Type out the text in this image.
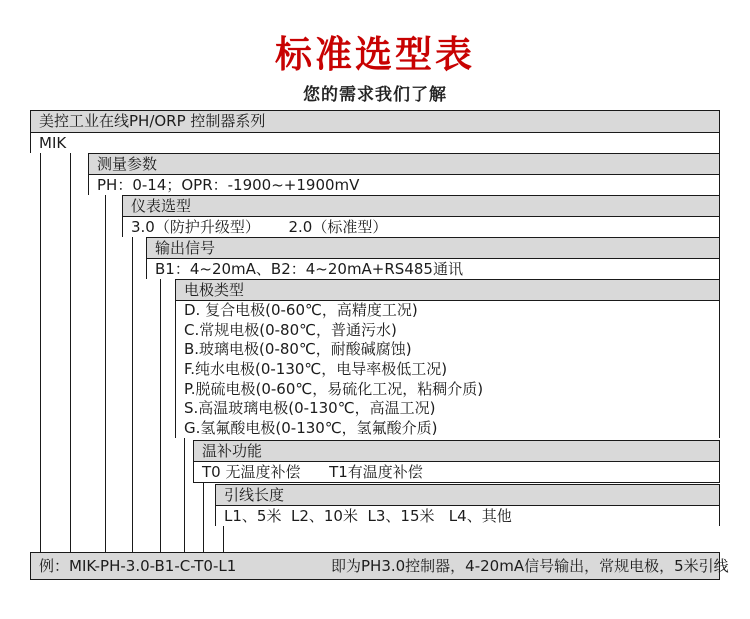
标准选型表
您的需求我们了解
美控工业在线PH/ORP 控制器系列
MIK
测量参数
PH：0-14；OPR：-1900~+1900mV
仪表选型
3.0（防护升级型）      2.0（标准型）
输出信号
B1：4~20mA、B2：4~20mA+RS485通讯
电极类型
D. 复合电极(0-60℃，高精度工况)
C.常规电极(0-80℃，普通污水)
B.玻璃电极(0-80℃，耐酸碱腐蚀)
F.纯水电极(0-130℃，电导率极低工况)
P.脱硫电极(0-60℃，易硫化工况，粘稠介质)
S.高温玻璃电极(0-130℃，高温工况)
G.氢氟酸电极(0-130℃，氢氟酸介质)
温补功能
T0 无温度补偿      T1有温度补偿
引线长度
L1、5米  L2、10米  L3、15米   L4、其他

例：MIK-PH-3.0-B1-C-T0-L1

	即为PH3.0控制器，4-20mA信号输出，常规电极，5米引线
